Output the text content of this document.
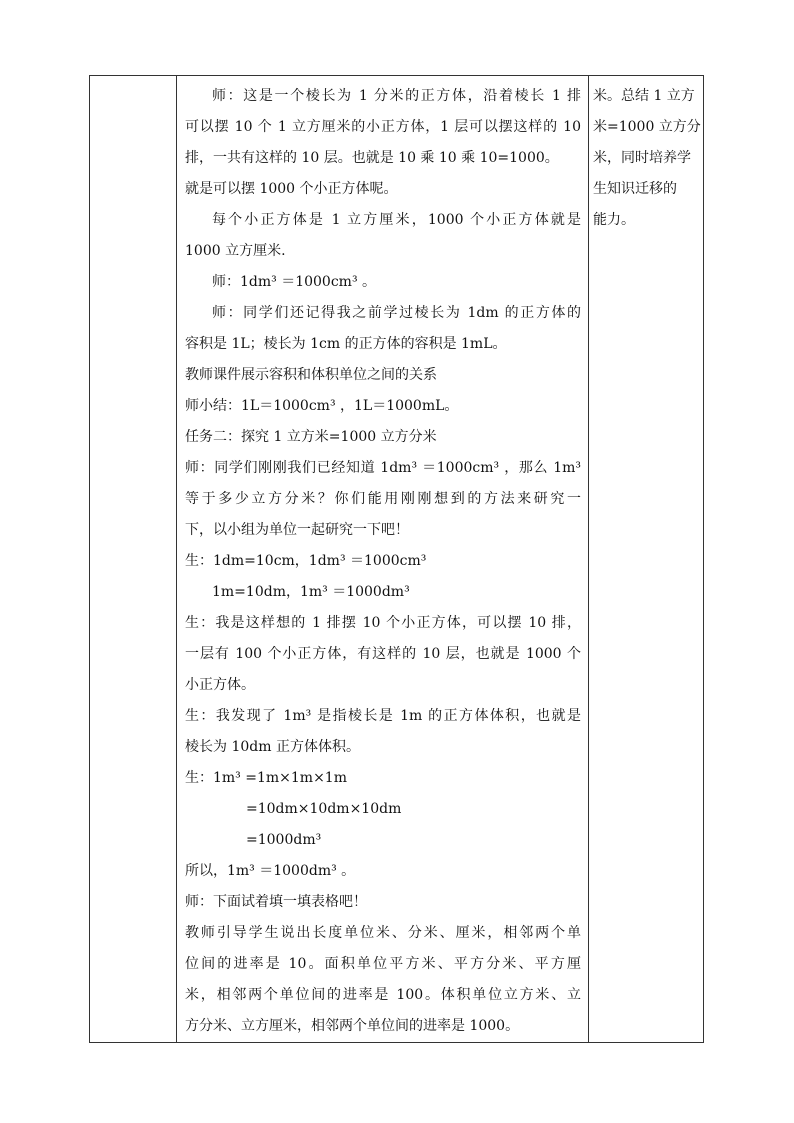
师：这是一个棱长为 1 分米的正方体，沿着棱长 1 排
可以摆 10 个 1 立方厘米的小正方体，1 层可以摆这样的 10
排，一共有这样的 10 层。也就是 10 乘 10 乘 10=1000。
就是可以摆 1000 个小正方体呢。
每个小正方体是 1 立方厘米，1000 个小正方体就是
1000 立方厘米.
师：1dm³ ＝1000cm³ 。
师：同学们还记得我之前学过棱长为 1dm 的正方体的
容积是 1L；棱长为 1cm 的正方体的容积是 1mL。
教师课件展示容积和体积单位之间的关系
师小结：1L＝1000cm³ ，1L＝1000mL。
任务二：探究 1 立方米=1000 立方分米
师：同学们刚刚我们已经知道 1dm³ ＝1000cm³ ，那么 1m³
等于多少立方分米？你们能用刚刚想到的方法来研究一
下，以小组为单位一起研究一下吧！
生：1dm=10cm，1dm³ ＝1000cm³
1m=10dm，1m³ ＝1000dm³
生：我是这样想的 1 排摆 10 个小正方体，可以摆 10 排，
一层有 100 个小正方体，有这样的 10 层，也就是 1000 个
小正方体。
生：我发现了 1m³ 是指棱长是 1m 的正方体体积，也就是
棱长为 10dm 正方体体积。
生：1m³ =1m×1m×1m
=10dm×10dm×10dm
=1000dm³
所以，1m³ ＝1000dm³ 。
师：下面试着填一填表格吧！
教师引导学生说出长度单位米、分米、厘米，相邻两个单
位间的进率是 10。面积单位平方米、平方分米、平方厘
米，相邻两个单位间的进率是 100。体积单位立方米、立
方分米、立方厘米，相邻两个单位间的进率是 1000。
米。总结 1 立方
米=1000 立方分
米，同时培养学
生知识迁移的
能力。
